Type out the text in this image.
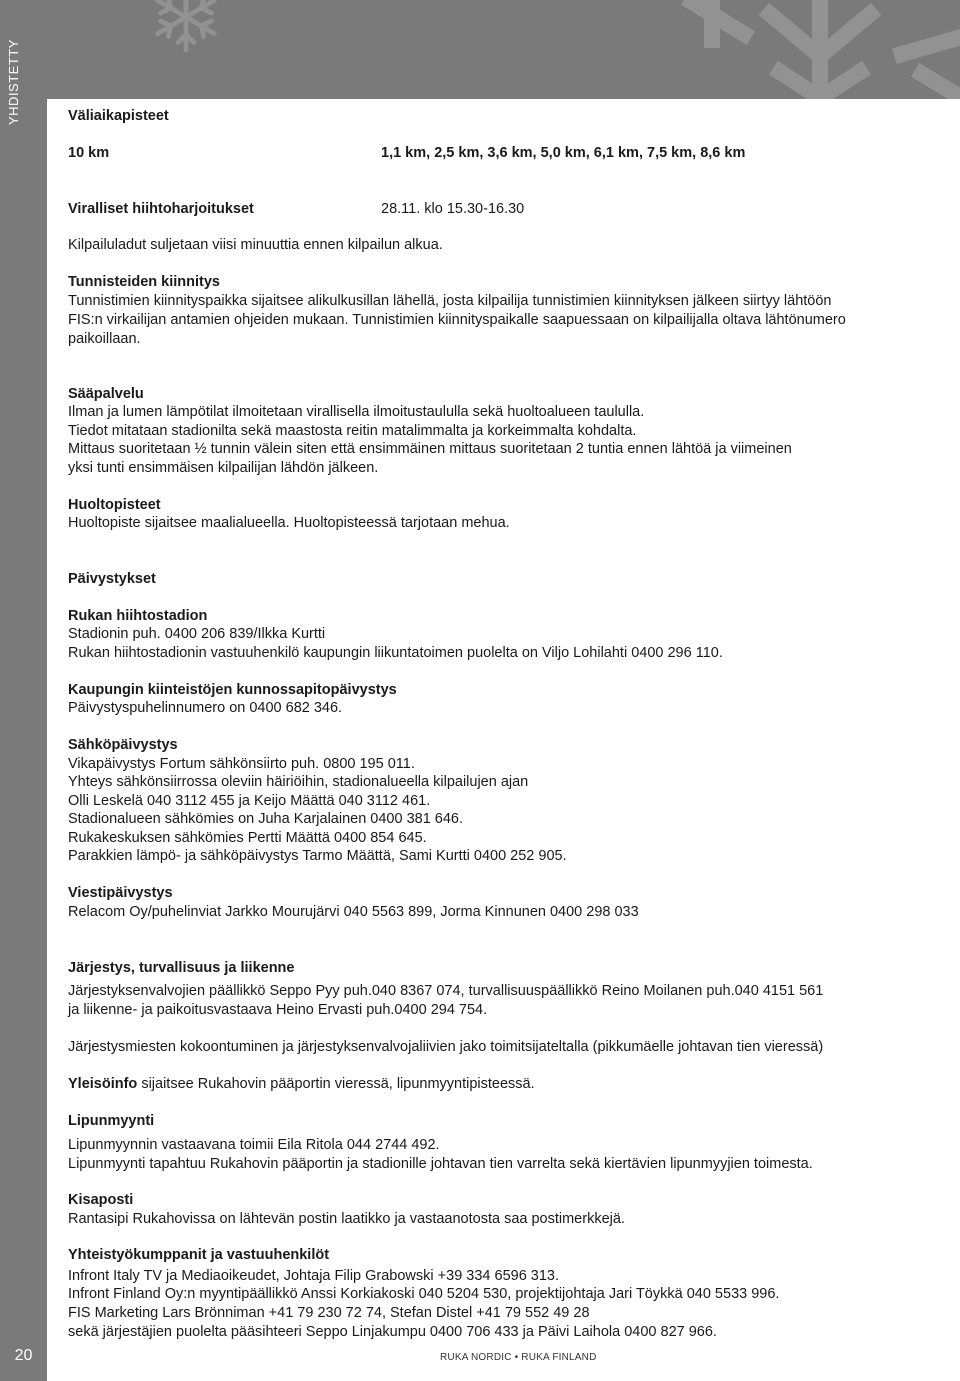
YHDISTETTY
20
Väliaikapisteet
10 km	1,1 km, 2,5 km, 3,6 km, 5,0 km, 6,1 km, 7,5 km, 8,6 km
Viralliset hiihtoharjoitukset	28.11. klo 15.30-16.30
Kilpailuladut suljetaan viisi minuuttia ennen kilpailun alkua.
Tunnisteiden kiinnitys
Tunnistimien kiinnityspaikka sijaitsee alikulkusillan lähellä, josta kilpailija tunnistimien kiinnityksen jälkeen siirtyy lähtöön
FIS:n virkailijan antamien ohjeiden mukaan. Tunnistimien kiinnityspaikalle saapuessaan on kilpailijalla oltava lähtönumero
paikoillaan.
Sääpalvelu
Ilman ja lumen lämpötilat ilmoitetaan virallisella ilmoitustaululla sekä huoltoalueen taululla.
Tiedot mitataan stadionilta sekä maastosta reitin matalimmalta ja korkeimmalta kohdalta.
Mittaus suoritetaan ½ tunnin välein siten että ensimmäinen mittaus suoritetaan 2 tuntia ennen lähtöä ja viimeinen
yksi tunti ensimmäisen kilpailijan lähdön jälkeen.
Huoltopisteet
Huoltopiste sijaitsee maalialueella. Huoltopisteessä tarjotaan mehua.
Päivystykset
Rukan hiihtostadion
Stadionin puh. 0400 206 839/Ilkka Kurtti
Rukan hiihtostadionin vastuuhenkilö kaupungin liikuntatoimen puolelta on Viljo Lohilahti 0400 296 110.
Kaupungin kiinteistöjen kunnossapitopäivystys
Päivystyspuhelinnumero on 0400 682 346.
Sähköpäivystys
Vikapäivystys Fortum sähkönsiirto puh. 0800 195 011.
Yhteys sähkönsiirrossa oleviin häiriöihin, stadionalueella kilpailujen ajan
Olli Leskelä 040 3112 455 ja Keijo Määttä 040 3112 461.
Stadionalueen sähkömies on Juha Karjalainen 0400 381 646.
Rukakeskuksen sähkömies Pertti Määttä 0400 854 645.
Parakkien lämpö- ja sähköpäivystys Tarmo Määttä, Sami Kurtti 0400 252 905.
Viestipäivystys
Relacom Oy/puhelinviat Jarkko Mourujärvi 040 5563 899, Jorma Kinnunen 0400 298 033
Järjestys, turvallisuus ja liikenne
Järjestyksenvalvojien päällikkö Seppo Pyy puh.040 8367 074, turvallisuuspäällikkö Reino Moilanen puh.040 4151 561
ja liikenne- ja paikoitusvastaava Heino Ervasti puh.0400 294 754.
Järjestysmiesten kokoontuminen ja järjestyksenvalvojaliivien jako toimitsijateltalla (pikkumäelle johtavan tien vieressä)
Yleisöinfo sijaitsee Rukahovin pääportin vieressä, lipunmyyntipisteessä.
Lipunmyynti
Lipunmyynnin vastaavana toimii Eila Ritola 044 2744 492.
Lipunmyynti tapahtuu Rukahovin pääportin ja stadionille johtavan tien varrelta sekä kiertävien lipunmyyjien toimesta.
Kisaposti
Rantasipi Rukahovissa on lähtevän postin laatikko ja vastaanotosta saa postimerkkejä.
Yhteistyökumppanit ja vastuuhenkilöt
Infront Italy TV ja Mediaoikeudet, Johtaja Filip Grabowski +39 334 6596 313.
Infront Finland Oy:n myyntipäällikkö Anssi Korkiakoski 040 5204 530, projektijohtaja Jari Töykkä 040 5533 996.
FIS Marketing Lars Brönniman +41 79 230 72 74, Stefan Distel +41 79 552 49 28
sekä järjestäjien puolelta pääsihteeri Seppo Linjakumpu 0400 706 433 ja Päivi Laihola 0400 827 966.
RUKA NORDIC • RUKA FINLAND
